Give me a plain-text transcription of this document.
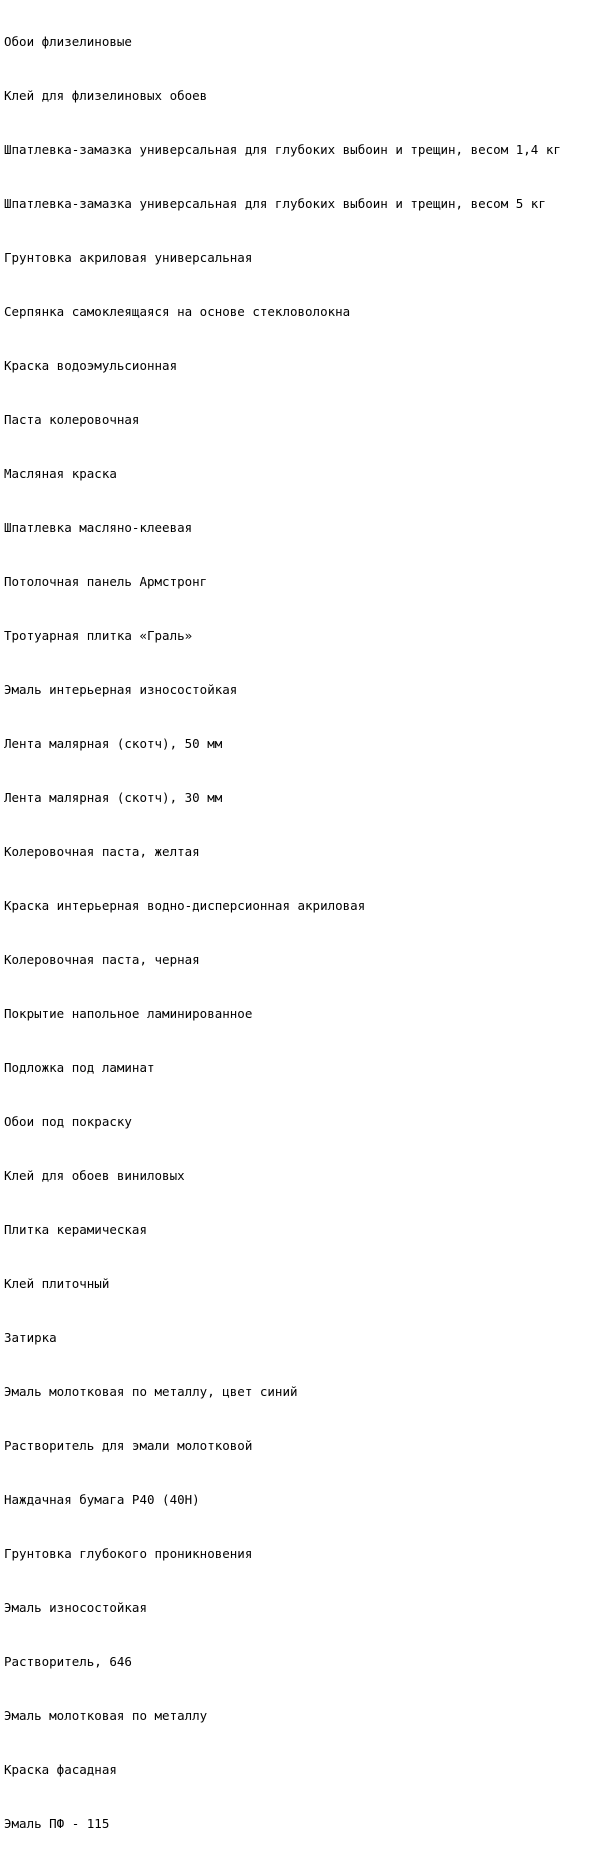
Обои флизелиновые

Клей для флизелиновых обоев

Шпатлевка-замазка универсальная для глубоких выбоин и трещин, весом 1,4 кг

Шпатлевка-замазка универсальная для глубоких выбоин и трещин, весом 5 кг

Грунтовка акриловая универсальная

Серпянка самоклеящаяся на основе стекловолокна

Краска водоэмульсионная

Паста колеровочная

Масляная краска

Шпатлевка масляно-клеевая

Потолочная панель Армстронг

Тротуарная плитка «Граль»

Эмаль интерьерная износостойкая

Лента малярная (скотч), 50 мм

Лента малярная (скотч), 30 мм

Колеровочная паста, желтая

Краска интерьерная водно-дисперсионная акриловая

Колеровочная паста, черная

Покрытие напольное ламинированное

Подложка под ламинат

Обои под покраску

Клей для обоев виниловых

Плитка керамическая

Клей плиточный

Затирка

Эмаль молотковая по металлу, цвет синий

Растворитель для эмали молотковой

Наждачная бумага Р40 (40Н)

Грунтовка глубокого проникновения

Эмаль износостойкая

Растворитель, 646

Эмаль молотковая по металлу

Краска фасадная

Эмаль ПФ - 115
